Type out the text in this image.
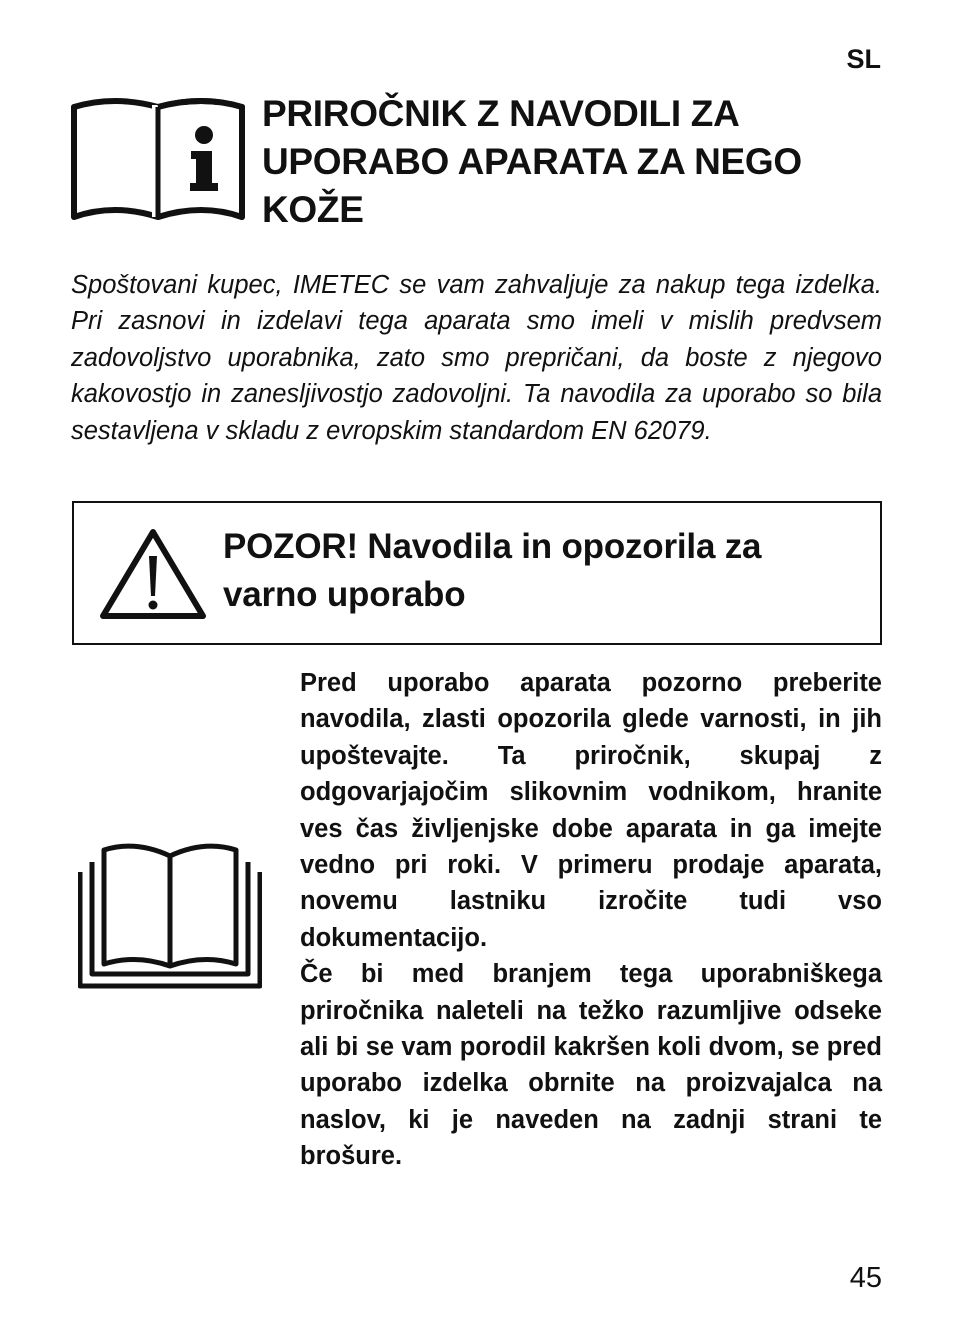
SL
PRIROČNIK Z NAVODILI ZA
UPORABO APARATA ZA NEGO
KOŽE

Spoštovani kupec, IMETEC se vam zahvaljuje za nakup tega izdelka. Pri zasnovi in izdelavi tega aparata smo imeli v mislih predvsem zadovoljstvo uporabnika, zato smo prepričani, da boste z njegovo kakovostjo in zanesljivostjo zadovoljni. Ta navodila za uporabo so bila sestavljena v skladu z evropskim standardom EN 62079.

POZOR! Navodila in opozorila za
varno uporabo

Pred uporabo aparata pozorno preberite navodila, zlasti opozorila glede varnosti, in jih upoštevajte. Ta priročnik, skupaj z odgovarjajočim slikovnim vodnikom, hranite ves čas življenjske dobe aparata in ga imejte vedno pri roki. V primeru prodaje aparata, novemu lastniku izročite tudi vso dokumentacijo.

Če bi med branjem tega uporabniškega priročnika naleteli na težko razumljive odseke ali bi se vam porodil kakršen koli dvom, se pred uporabo izdelka obrnite na proizvajalca na naslov, ki je naveden na zadnji strani te brošure.

45
